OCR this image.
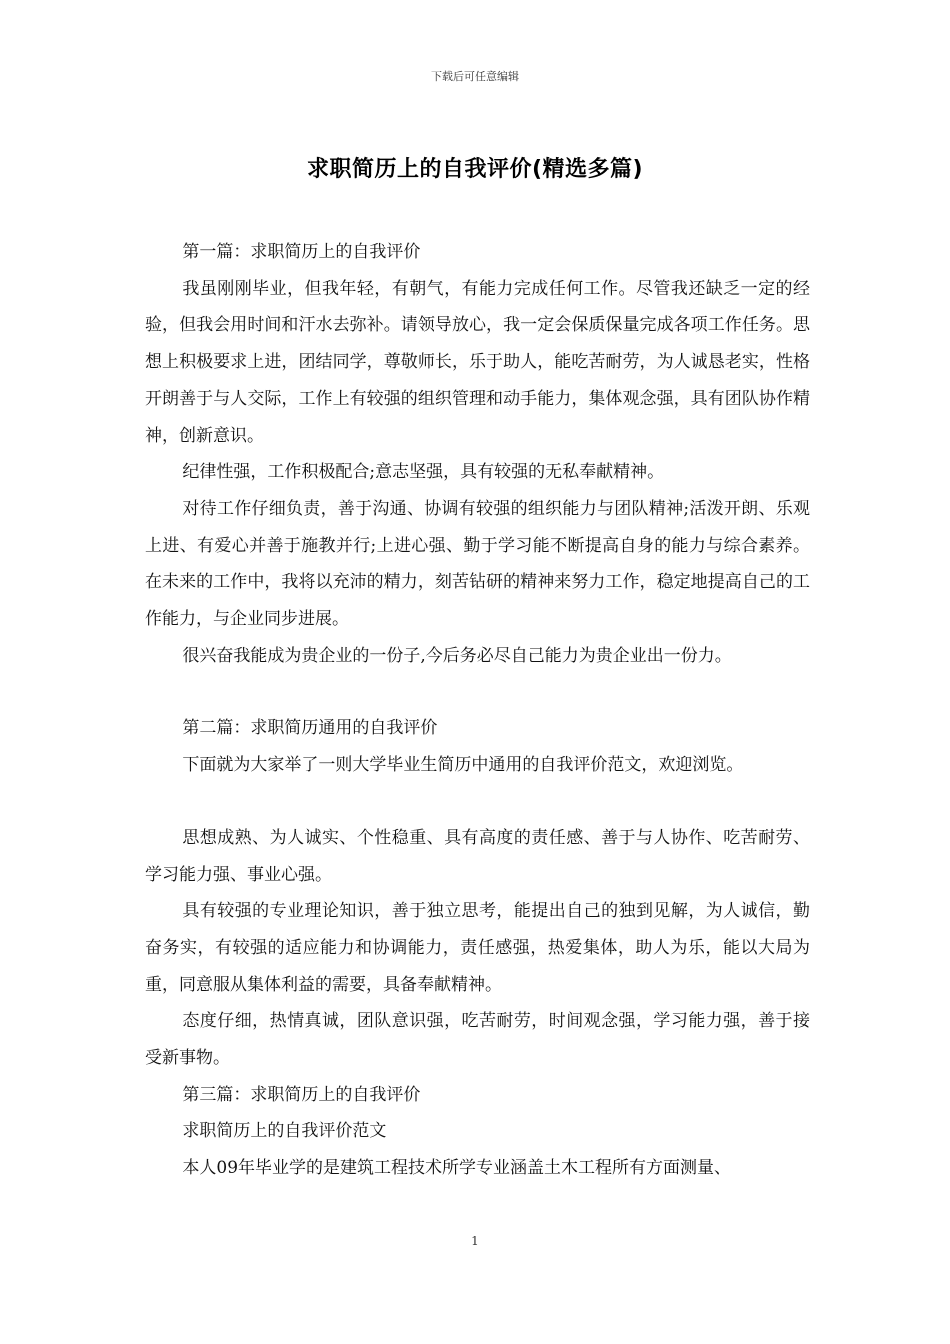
下载后可任意编辑
求职简历上的自我评价(精选多篇)

第一篇：求职简历上的自我评价

我虽刚刚毕业，但我年轻，有朝气，有能力完成任何工作。尽管我还缺乏一定的经验，但我会用时间和汗水去弥补。请领导放心，我一定会保质保量完成各项工作任务。思想上积极要求上进，团结同学，尊敬师长，乐于助人，能吃苦耐劳，为人诚恳老实，性格开朗善于与人交际，工作上有较强的组织管理和动手能力，集体观念强，具有团队协作精神，创新意识。

纪律性强，工作积极配合;意志坚强，具有较强的无私奉献精神。

对待工作仔细负责，善于沟通、协调有较强的组织能力与团队精神;活泼开朗、乐观上进、有爱心并善于施教并行;上进心强、勤于学习能不断提高自身的能力与综合素养。在未来的工作中，我将以充沛的精力，刻苦钻研的精神来努力工作，稳定地提高自己的工作能力，与企业同步进展。

很兴奋我能成为贵企业的一份子,今后务必尽自己能力为贵企业出一份力。

第二篇：求职简历通用的自我评价

下面就为大家举了一则大学毕业生简历中通用的自我评价范文，欢迎浏览。

思想成熟、为人诚实、个性稳重、具有高度的责任感、善于与人协作、吃苦耐劳、学习能力强、事业心强。

具有较强的专业理论知识，善于独立思考，能提出自己的独到见解，为人诚信，勤奋务实，有较强的适应能力和协调能力，责任感强，热爱集体，助人为乐，能以大局为重，同意服从集体利益的需要，具备奉献精神。

态度仔细，热情真诚，团队意识强，吃苦耐劳，时间观念强，学习能力强，善于接受新事物。

第三篇：求职简历上的自我评价

求职简历上的自我评价范文

本人09年毕业学的是建筑工程技术所学专业涵盖土木工程所有方面测量、

1
